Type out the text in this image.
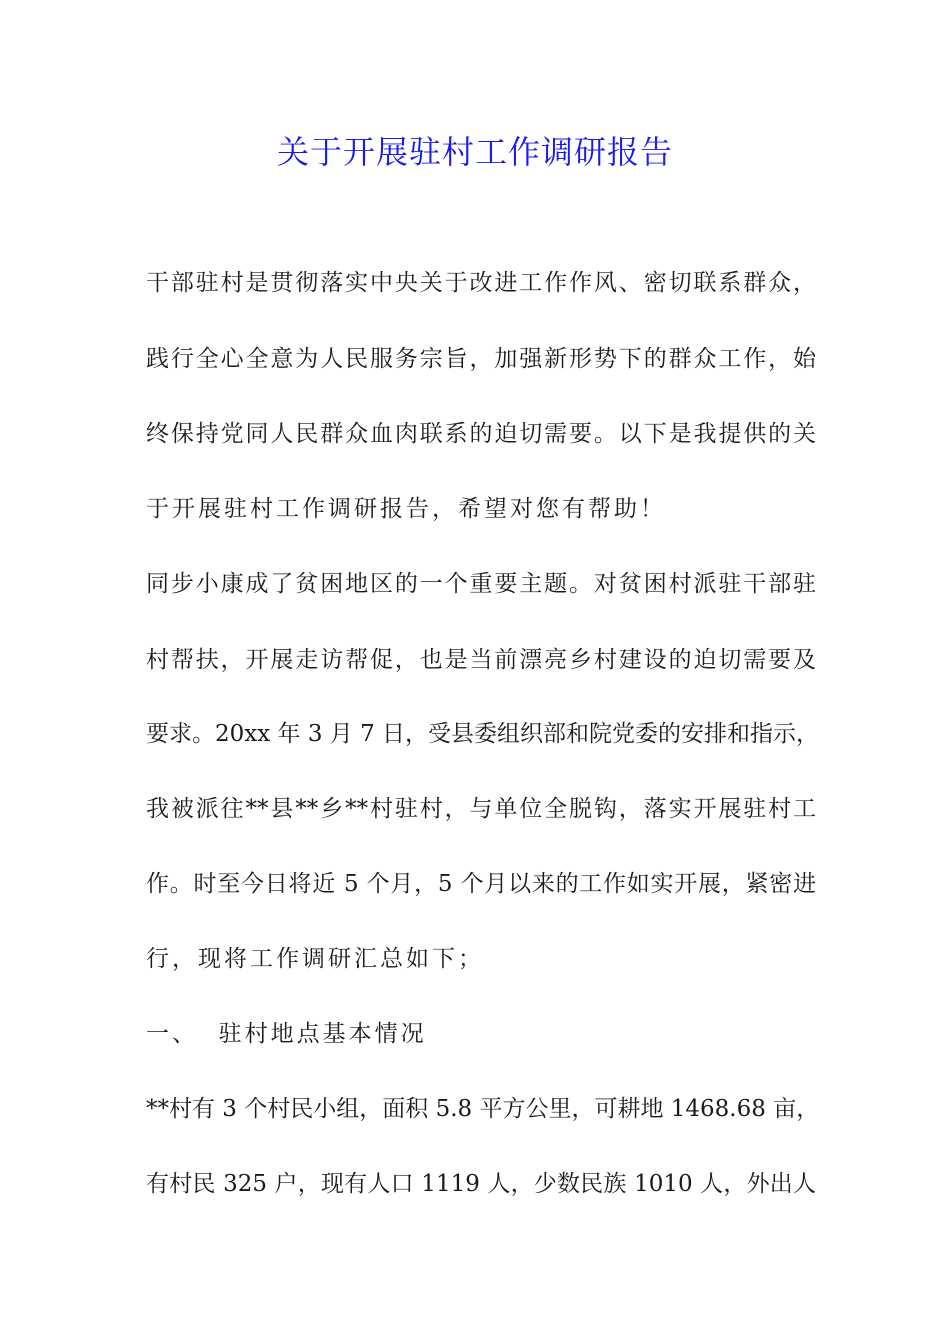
关于开展驻村工作调研报告
干部驻村是贯彻落实中央关于改进工作作风、密切联系群众，
践行全心全意为人民服务宗旨，加强新形势下的群众工作，始
终保持党同人民群众血肉联系的迫切需要。以下是我提供的关
于开展驻村工作调研报告，希望对您有帮助！
同步小康成了贫困地区的一个重要主题。对贫困村派驻干部驻
村帮扶，开展走访帮促，也是当前漂亮乡村建设的迫切需要及
要求。20xx 年 3 月 7 日，受县委组织部和院党委的安排和指示，
我被派往**县**乡**村驻村，与单位全脱钩，落实开展驻村工
作。时至今日将近 5 个月，5 个月以来的工作如实开展，紧密进
行，现将工作调研汇总如下；
一、  驻村地点基本情况
**村有 3 个村民小组，面积 5.8 平方公里，可耕地 1468.68 亩，
有村民 325 户，现有人口 1119 人，少数民族 1010 人，外出人
